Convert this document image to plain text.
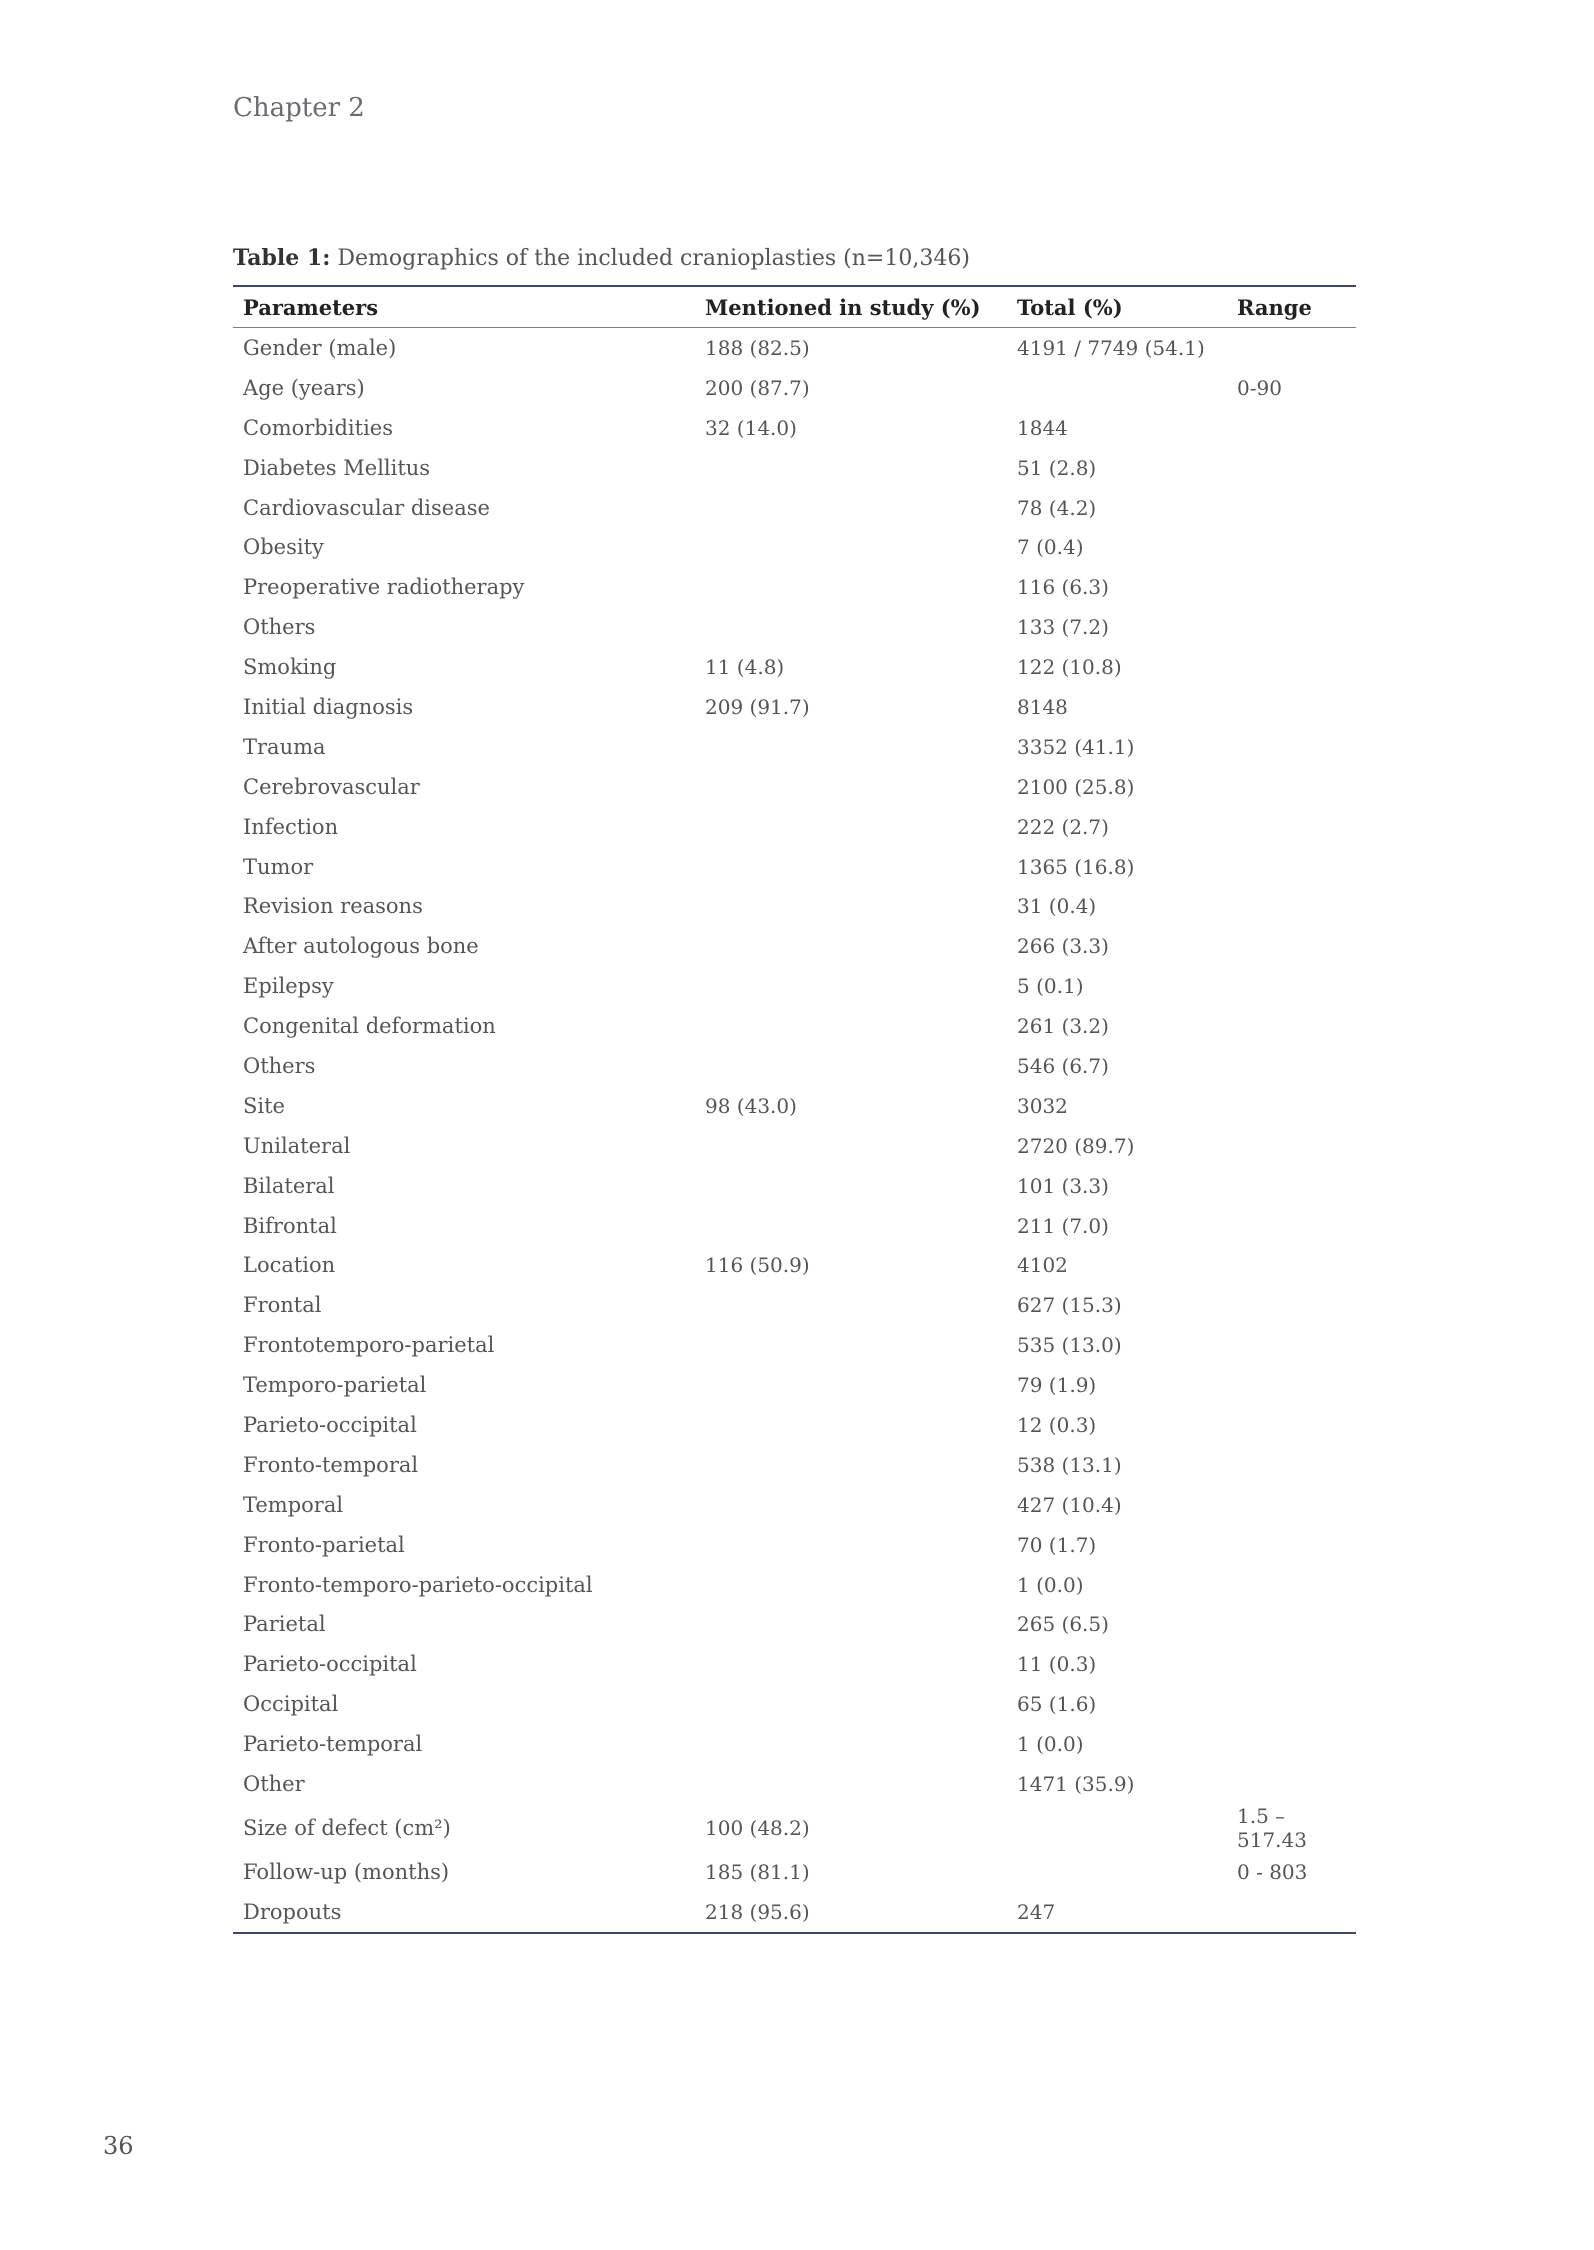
Chapter 2
Table 1: Demographics of the included cranioplasties (n=10,346)
Parameters	Mentioned in study (%)	Total (%)	Range
Gender (male)	188 (82.5)	4191 / 7749 (54.1)	
Age (years)	200 (87.7)		0-90
Comorbidities	32 (14.0)	1844	
Diabetes Mellitus		51 (2.8)	
Cardiovascular disease		78 (4.2)	
Obesity		7 (0.4)	
Preoperative radiotherapy		116 (6.3)	
Others		133 (7.2)	
Smoking	11 (4.8)	122 (10.8)	
Initial diagnosis	209 (91.7)	8148	
Trauma		3352 (41.1)	
Cerebrovascular		2100 (25.8)	
Infection		222 (2.7)	
Tumor		1365 (16.8)	
Revision reasons		31 (0.4)	
After autologous bone		266 (3.3)	
Epilepsy		5 (0.1)	
Congenital deformation		261 (3.2)	
Others		546 (6.7)	
Site	98 (43.0)	3032	
Unilateral		2720 (89.7)	
Bilateral		101 (3.3)	
Bifrontal		211 (7.0)	
Location	116 (50.9)	4102	
Frontal		627 (15.3)	
Frontotemporo-parietal		535 (13.0)	
Temporo-parietal		79 (1.9)	
Parieto-occipital		12 (0.3)	
Fronto-temporal		538 (13.1)	
Temporal		427 (10.4)	
Fronto-parietal		70 (1.7)	
Fronto-temporo-parieto-occipital		1 (0.0)	
Parietal		265 (6.5)	
Parieto-occipital		11 (0.3)	
Occipital		65 (1.6)	
Parieto-temporal		1 (0.0)	
Other		1471 (35.9)	
Size of defect (cm²)	100 (48.2)		1.5 – 517.43
Follow-up (months)	185 (81.1)		0 - 803
Dropouts	218 (95.6)	247	
36
